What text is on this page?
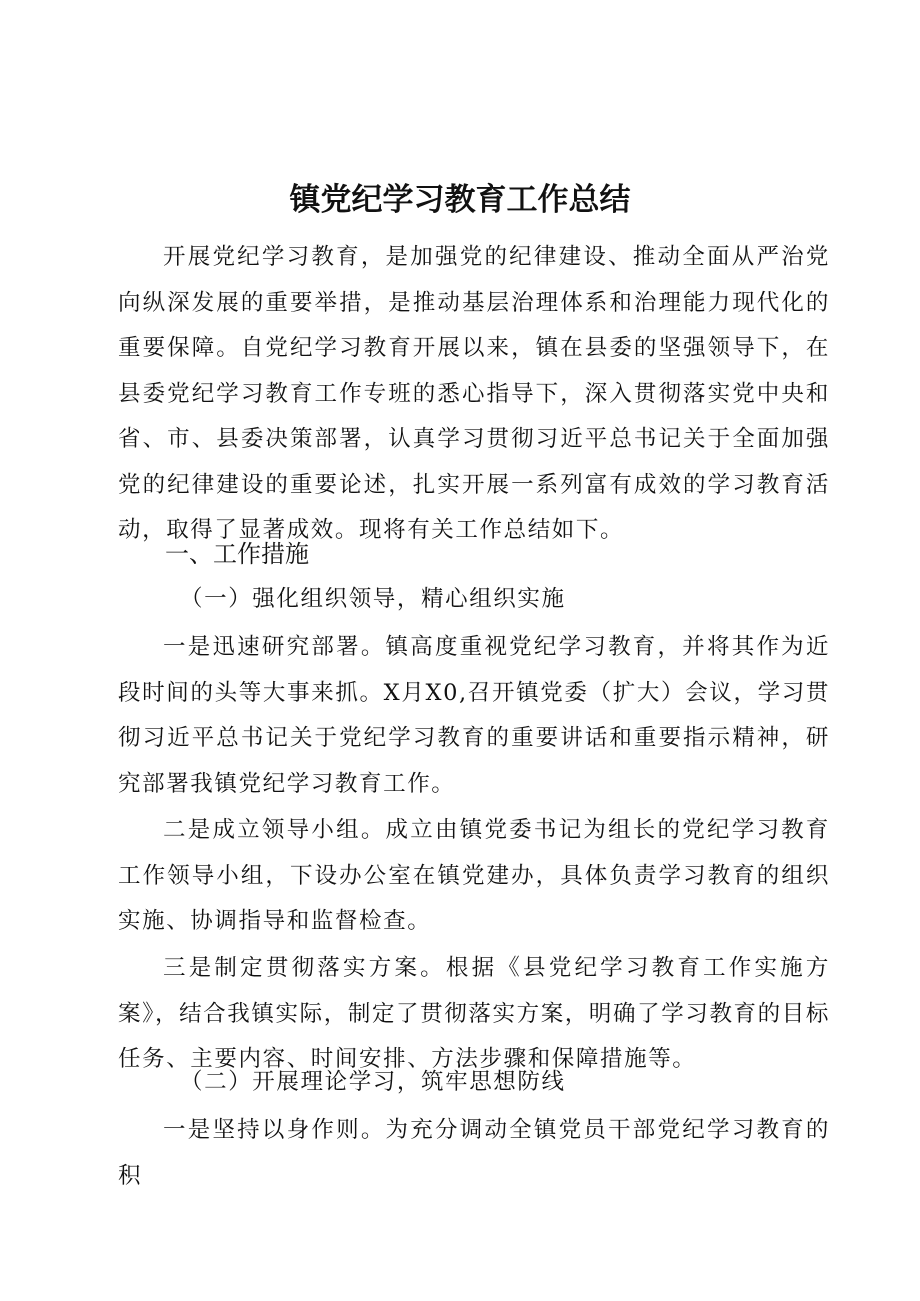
镇党纪学习教育工作总结

开展党纪学习教育，是加强党的纪律建设、推动全面从严治党向纵深发展的重要举措，是推动基层治理体系和治理能力现代化的重要保障。自党纪学习教育开展以来，镇在县委的坚强领导下，在县委党纪学习教育工作专班的悉心指导下，深入贯彻落实党中央和省、市、县委决策部署，认真学习贯彻习近平总书记关于全面加强党的纪律建设的重要论述，扎实开展一系列富有成效的学习教育活动，取得了显著成效。现将有关工作总结如下。

一、工作措施

（一）强化组织领导，精心组织实施

一是迅速研究部署。镇高度重视党纪学习教育，并将其作为近段时间的头等大事来抓。X月X0,召开镇党委（扩大）会议，学习贯彻习近平总书记关于党纪学习教育的重要讲话和重要指示精神，研究部署我镇党纪学习教育工作。

二是成立领导小组。成立由镇党委书记为组长的党纪学习教育工作领导小组，下设办公室在镇党建办，具体负责学习教育的组织实施、协调指导和监督检查。

三是制定贯彻落实方案。根据《县党纪学习教育工作实施方案》，结合我镇实际，制定了贯彻落实方案，明确了学习教育的目标任务、主要内容、时间安排、方法步骤和保障措施等。

（二）开展理论学习，筑牢思想防线

一是坚持以身作则。为充分调动全镇党员干部党纪学习教育的积
